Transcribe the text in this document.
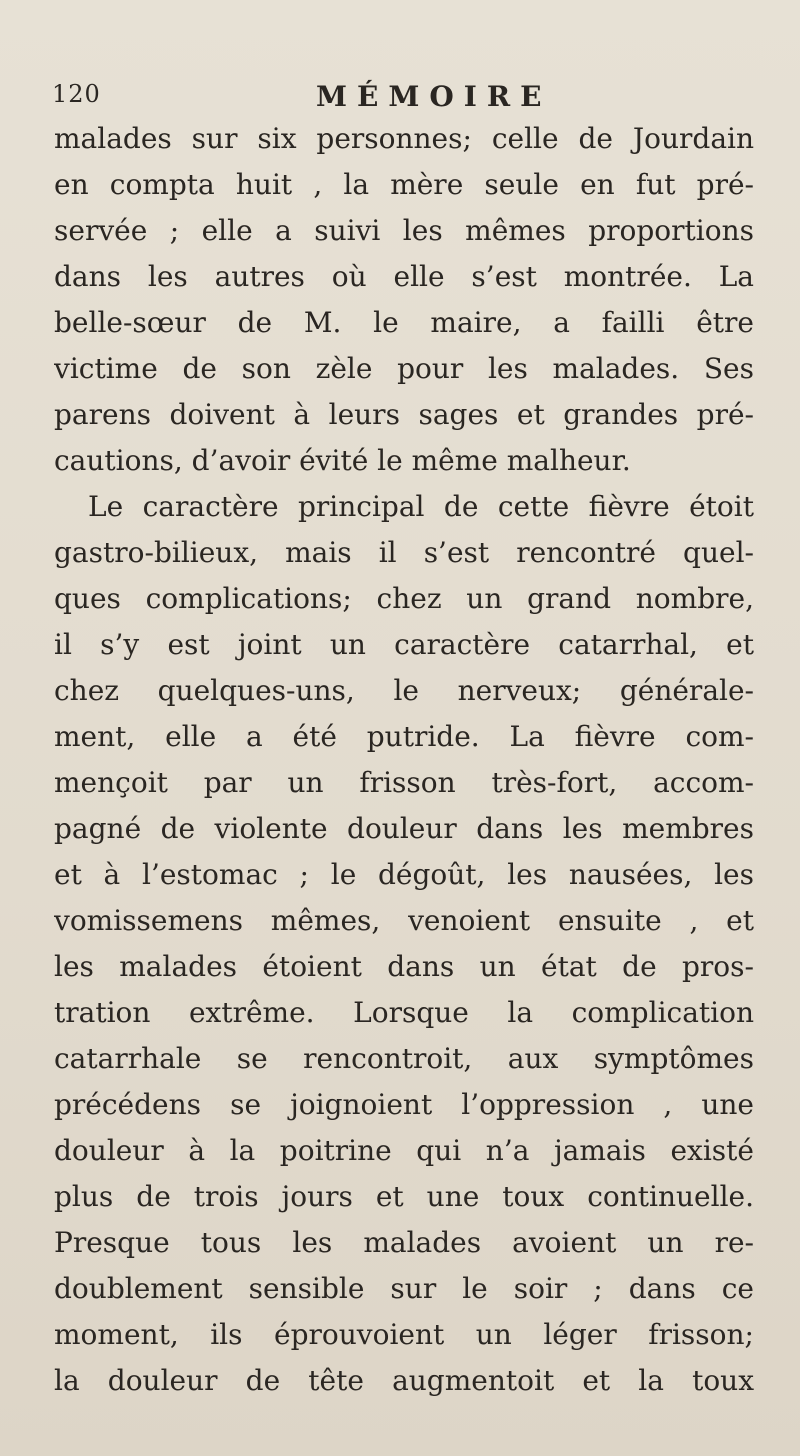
120	MÉMOIRE
malades sur six personnes; celle de Jourdain
en compta huit , la mère seule en fut pré-
servée ; elle a suivi les mêmes proportions
dans les autres où elle s’est montrée. La
belle-sœur de M. le maire, a failli être
victime de son zèle pour les malades. Ses
parens doivent à leurs sages et grandes pré-
cautions, d’avoir évité le même malheur.
Le caractère principal de cette fièvre étoit
gastro-bilieux, mais il s’est rencontré quel-
ques complications; chez un grand nombre,
il s’y est joint un caractère catarrhal, et
chez quelques-uns, le nerveux; générale-
ment, elle a été putride. La fièvre com-
mençoit par un frisson très-fort, accom-
pagné de violente douleur dans les membres
et à l’estomac ; le dégoût, les nausées, les
vomissemens mêmes, venoient ensuite , et
les malades étoient dans un état de pros-
tration extrême. Lorsque la complication
catarrhale se rencontroit, aux symptômes
précédens se joignoient l’oppression , une
douleur à la poitrine qui n’a jamais existé
plus de trois jours et une toux continuelle.
Presque tous les malades avoient un re-
doublement sensible sur le soir ; dans ce
moment, ils éprouvoient un léger frisson;
la douleur de tête augmentoit et la toux
